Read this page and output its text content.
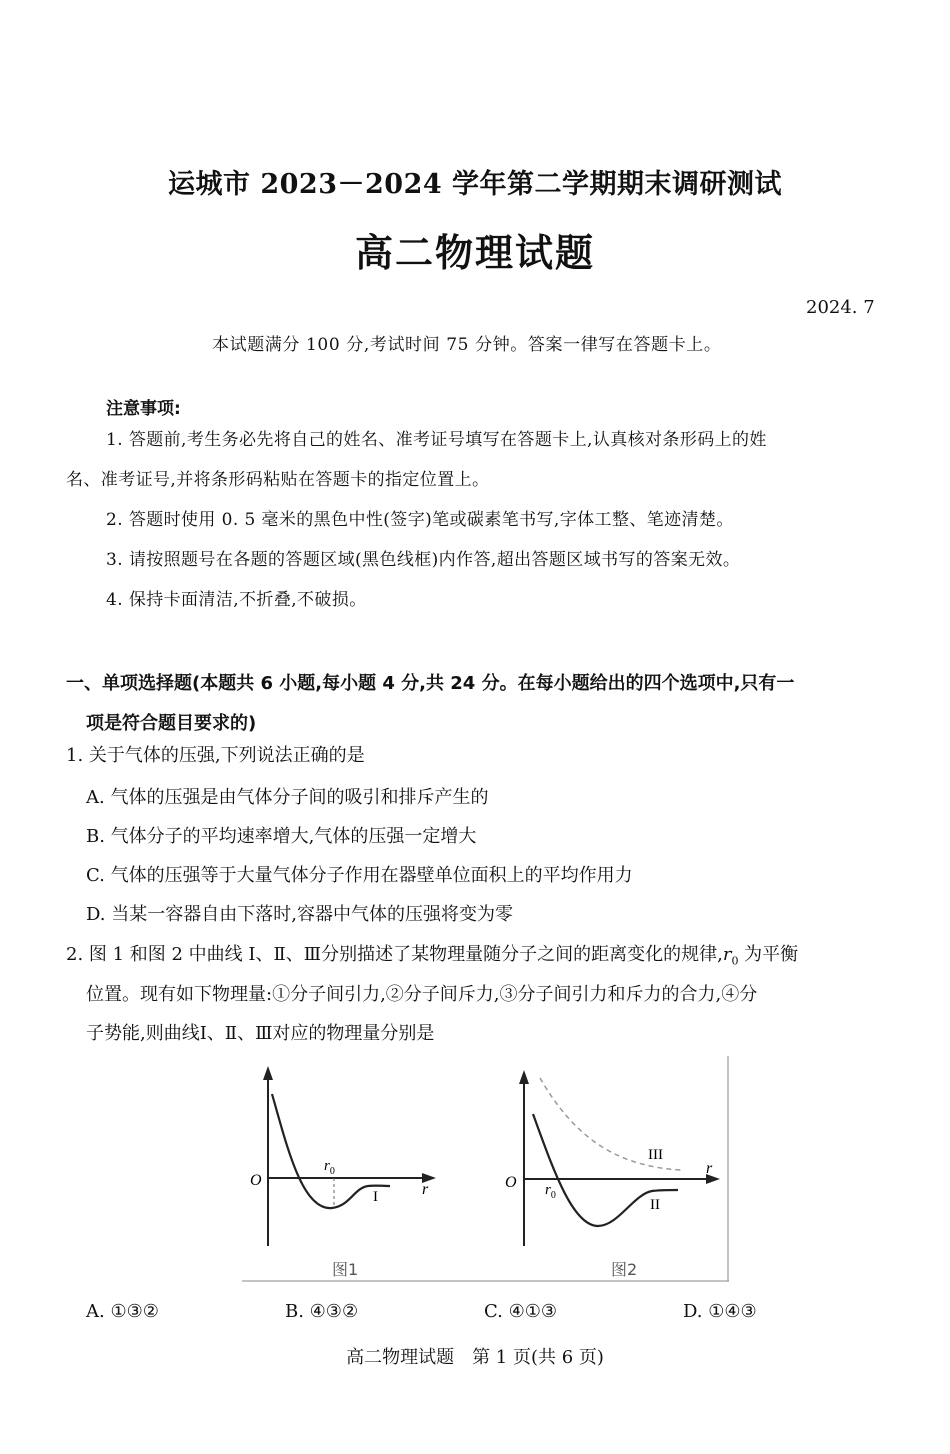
运城市 2023－2024 学年第二学期期末调研测试
高二物理试题
2024. 7
本试题满分 100 分,考试时间 75 分钟。答案一律写在答题卡上。
注意事项:
1. 答题前,考生务必先将自己的姓名、准考证号填写在答题卡上,认真核对条形码上的姓
名、准考证号,并将条形码粘贴在答题卡的指定位置上。
2. 答题时使用 0. 5 毫米的黑色中性(签字)笔或碳素笔书写,字体工整、笔迹清楚。
3. 请按照题号在各题的答题区域(黑色线框)内作答,超出答题区域书写的答案无效。
4. 保持卡面清洁,不折叠,不破损。
一、单项选择题(本题共 6 小题,每小题 4 分,共 24 分。在每小题给出的四个选项中,只有一
项是符合题目要求的)
1. 关于气体的压强,下列说法正确的是
A. 气体的压强是由气体分子间的吸引和排斥产生的
B. 气体分子的平均速率增大,气体的压强一定增大
C. 气体的压强等于大量气体分子作用在器壁单位面积上的平均作用力
D. 当某一容器自由下落时,容器中气体的压强将变为零
2. 图 1 和图 2 中曲线 Ⅰ、Ⅱ、Ⅲ分别描述了某物理量随分子之间的距离变化的规律$,r_0$ 为平衡
位置。现有如下物理量:①分子间引力,②分子间斥力,③分子间引力和斥力的合力,④分
子势能,则曲线Ⅰ、Ⅱ、Ⅲ对应的物理量分别是
O
$r_0$
r
I
图1
O $r_0$
r
III
II
图2
A. ①③②	B. ④③②	C. ④①③	D. ①④③
高二物理试题　第 1 页(共 6 页)
